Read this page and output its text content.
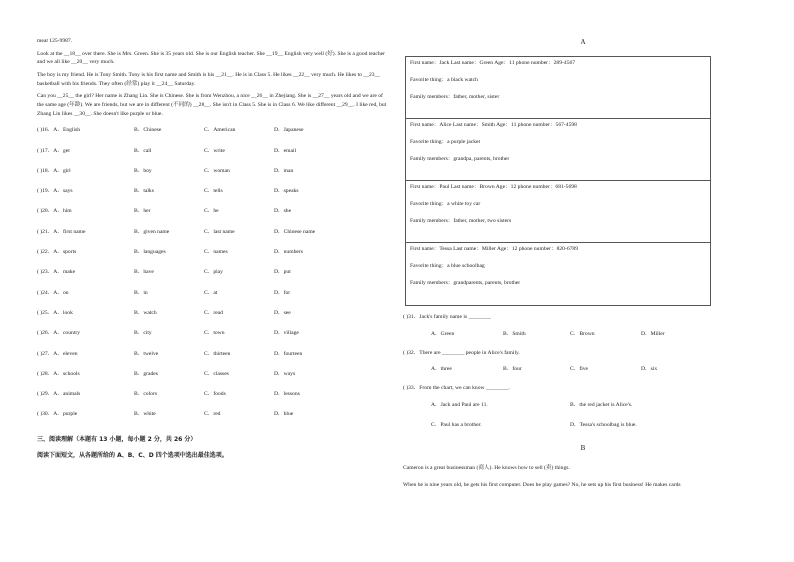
meat 125-9987.

Look at the __18__ over there. She is Mrs. Green. She is 35 years old. She is our English teacher. She __19__ English very well (好). She is a good teacher and we all like __20__ very much.

The boy is my friend. He is Tony Smith. Tony is his first name and Smith is his __21__. He is in Class 5. He likes __22__ very much. He likes to __23__ basketball with his friends. They often (经常) play it __24__ Saturday.

Can you __25__ the girl? Her name is Zhang Lin. She is Chinese. She is from Wenzhou, a nice __26__ in Zhejiang. She is __27__ years old and we are of the same age (年龄). We are friends, but we are in different (不同的) __28__. She isn't in Class 5. She is in Class 6. We like different __29__. I like red, but Zhang Lin likes __30__. She doesn't like purple or blue.

( )16．A．English	B．Chinese	C．American	D．Japanese
( )17．A．get	B．call	C．write	D．email
( )18．A．girl	B．boy	C．woman	D．man
( )19．A．says	B．talks	C．tells	D．speaks
( )20．A．him	B．her	C．he	D．she
( )21．A．first name	B．given name	C．last name	D．Chinese name
( )22．A．sports	B．languages	C．names	D．numbers
( )23．A．make	B．have	C．play	D．put
( )24．A．on	B．in	C．at	D．for
( )25．A．look	B．watch	C．read	D．see
( )26．A．country	B．city	C．town	D．village
( )27．A．eleven	B．twelve	C．thirteen	D．fourteen
( )28．A．schools	B．grades	C．classes	D．ways
( )29．A．animals	B．colors	C．foods	D．lessons
( )30．A．purple	B．white	C．red	D．blue

三、阅读理解（本题有 13 小题，每小题 2 分，共 26 分）

阅读下面短文，从各题所给的 A、B、C、D 四个选项中选出最佳选项。

A

First name：Jack Last name：Green Age：11 phone number：289-4567

Favorite thing：a black watch

Family members：father, mother, sister

First name：Alice Last name：Smith Age：11 phone number：567-4598

Favorite thing：a purple jacket

Family members：grandpa, parents, brother

First name：Paul Last name：Brown Age：12 phone number：681-5698

Favorite thing：a white toy car

Family members：father, mother, two sisters

First name：Tessa Last name：Miller Age：12 phone number：820-6789

Favorite thing：a blue schoolbag

Family members：grandparents, parents, brother

( )31．Jack's family name is ________

A．Green	B．Smith	C．Brown	D．Miller

( )32．There are ________ people in Alice's family.

A．three	B．four	C．five	D．six

( )33．From the chart, we can know ________.

A．Jack and Paul are 11.	B．the red jacket is Alice's.
C．Paul has a brother.	D．Tessa's schoolbag is blue.

B

Cameron is a great businessman (商人). He knows how to sell (卖) things.

When he is nine years old, he gets his first computer. Does he play games? No, he sets up his first business! He makes cards
